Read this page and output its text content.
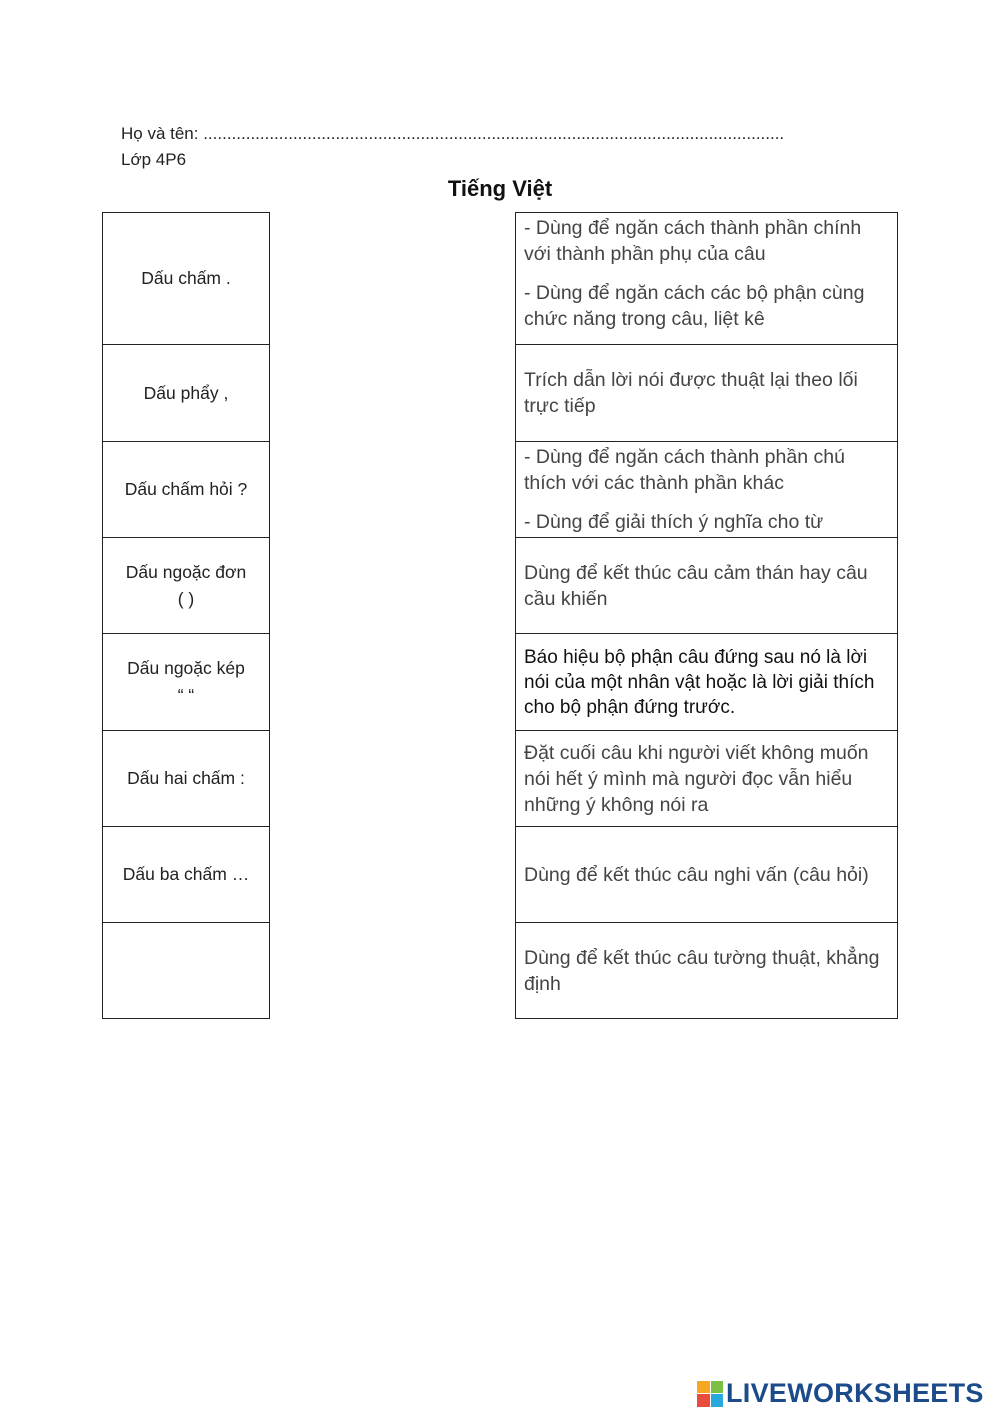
Họ và tên: ...........................................................................................................................
Lớp 4P6
Tiếng Việt
Dấu chấm .
Dấu phẩy ,
Dấu chấm hỏi ?
Dấu ngoặc đơn
( )
Dấu ngoặc kép
“ “
Dấu hai chấm :
Dấu ba chấm …

- Dùng để ngăn cách thành phần chính với thành phần phụ của câu

- Dùng để ngăn cách các bộ phận cùng chức năng trong câu, liệt kê

Trích dẫn lời nói được thuật lại theo lối trực tiếp

- Dùng để ngăn cách thành phần chú thích với các thành phần khác

- Dùng để giải thích ý nghĩa cho từ

Dùng để kết thúc câu cảm thán hay câu cầu khiến

Báo hiệu bộ phận câu đứng sau nó là lời nói của một nhân vật hoặc là lời giải thích cho bộ phận đứng trước.

Đặt cuối câu khi người viết không muốn nói hết ý mình mà người đọc vẫn hiểu những ý không nói ra

Dùng để kết thúc câu nghi vấn (câu hỏi)

Dùng để kết thúc câu tường thuật, khẳng định

LIVEWORKSHEETS
